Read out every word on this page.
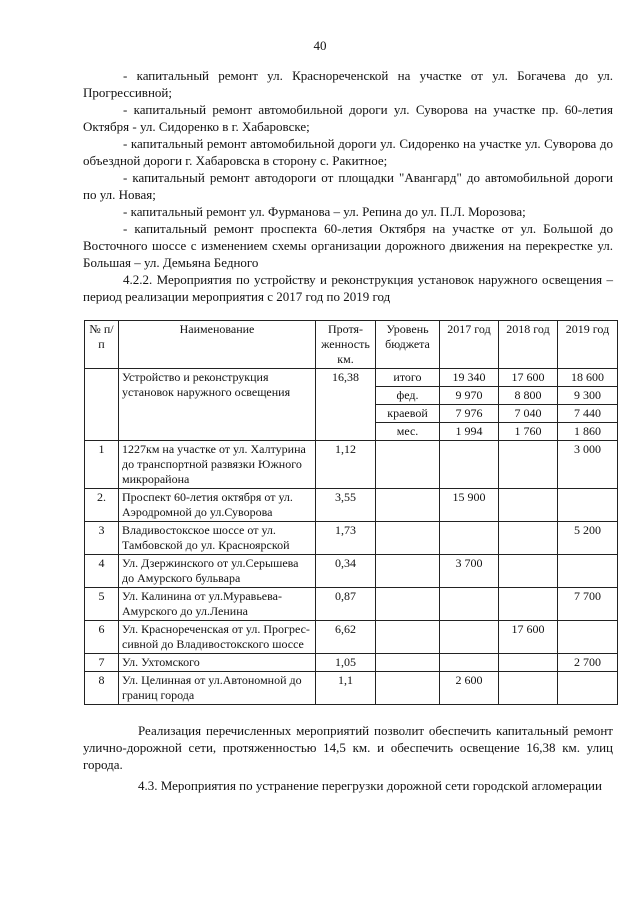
40

- капитальный ремонт ул. Краснореченской на участке от ул. Богачева до ул. Прогрессивной;

- капитальный ремонт автомобильной дороги ул. Суворова на участке пр. 60-летия Октября - ул. Сидоренко в г. Хабаровске;

- капитальный ремонт автомобильной дороги ул. Сидоренко на участке ул. Суворова до объездной дороги г. Хабаровска в сторону с. Ракитное;

- капитальный ремонт автодороги от площадки "Авангард" до автомобильной дороги по ул. Новая;

- капитальный ремонт ул. Фурманова – ул. Репина до ул. П.Л. Морозова;

- капитальный ремонт проспекта 60-летия Октября на участке от ул. Большой до Восточного шоссе с изменением схемы организации дорожного движения на перекрестке ул. Большая – ул. Демьяна Бедного

4.2.2. Мероприятия по устройству и реконструкция установок наружного освещения – период реализации мероприятия с 2017 год по 2019 год

№ п/п	Наименование	Протя-женность км.	Уровень бюджета	2017 год	2018 год	2019 год
	Устройство и реконструкция установок наружного освещения	16,38	итого	19 340	17 600	18 600
			фед.	9 970	8 800	9 300
			краевой	7 976	7 040	7 440
			мес.	1 994	1 760	1 860
1	1227км на участке от ул. Халтурина до транспортной развязки Южного микрорайона	1,12				3 000
2.	Проспект 60-летия октября от ул. Аэродромной до ул.Суворова	3,55		15 900		
3	Владивостокское шоссе от ул. Тамбовской до ул. Красноярской	1,73				5 200
4	Ул. Дзержинского от ул.Серышева до Амурского бульвара	0,34		3 700		
5	Ул. Калинина от ул.Муравьева-Амурского до ул.Ленина	0,87				7 700
6	Ул. Краснореченская от ул. Прогрес-сивной до Владивостокского шоссе	6,62			17 600	
7	Ул. Ухтомского	1,05				2 700
8	Ул. Целинная от ул.Автономной до границ города	1,1		2 600		

Реализация перечисленных мероприятий позволит обеспечить капитальный ремонт улично-дорожной сети, протяженностью 14,5 км. и обеспечить освещение 16,38 км. улиц города.

4.3. Мероприятия по устранение перегрузки дорожной сети городской агломерации
